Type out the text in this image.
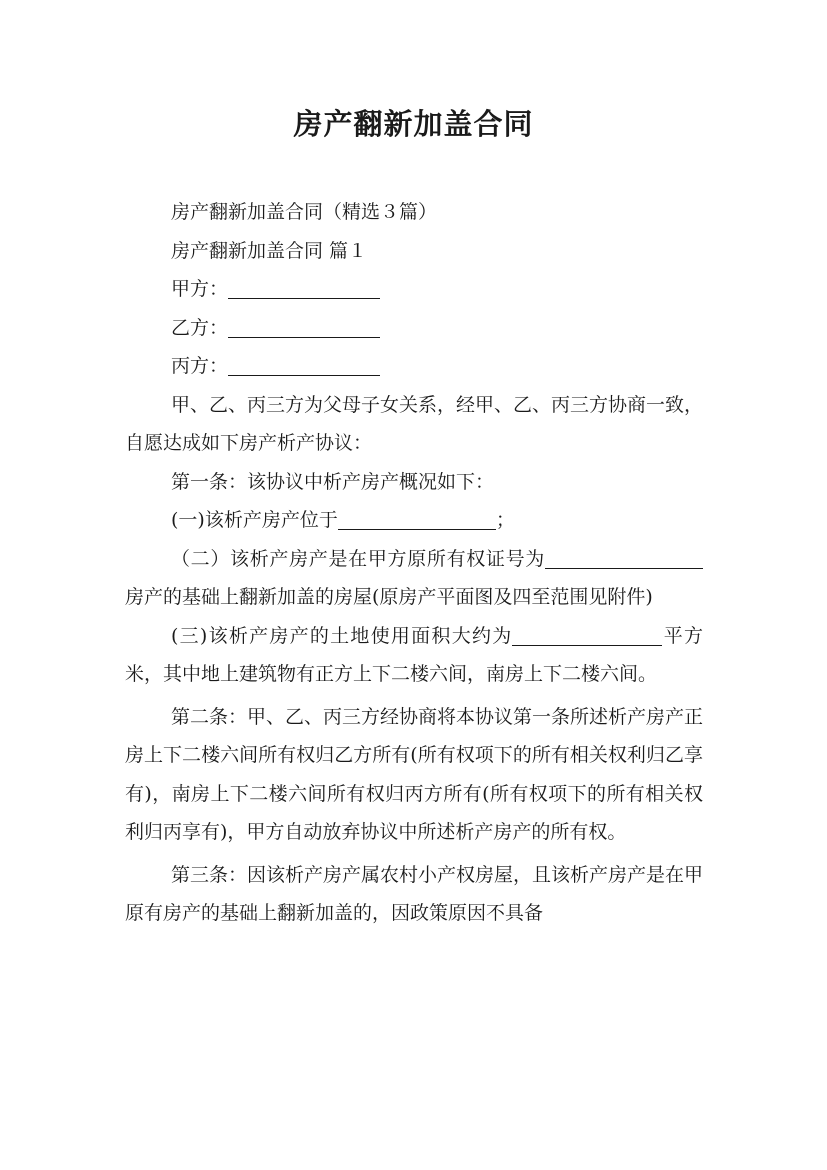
房产翻新加盖合同

房产翻新加盖合同（精选３篇）

房产翻新加盖合同 篇１

甲方：

乙方：

丙方：

甲、乙、丙三方为父母子女关系，经甲、乙、丙三方协商一致，自愿达成如下房产析产协议：

第一条：该协议中析产房产概况如下：

(一)该析产房产位于	；

（二）该析产房产是在甲方原所有权证号为房产的基础上翻新加盖的房屋(原房产平面图及四至范围见附件)

(三)该析产房产的土地使用面积大约为	平方米，其中地上建筑物有正方上下二楼六间，南房上下二楼六间。

第二条：甲、乙、丙三方经协商将本协议第一条所述析产房产正房上下二楼六间所有权归乙方所有(所有权项下的所有相关权利归乙享有)，南房上下二楼六间所有权归丙方所有(所有权项下的所有相关权利归丙享有)，甲方自动放弃协议中所述析产房产的所有权。

第三条：因该析产房产属农村小产权房屋，且该析产房产是在甲原有房产的基础上翻新加盖的，因政策原因不具备
